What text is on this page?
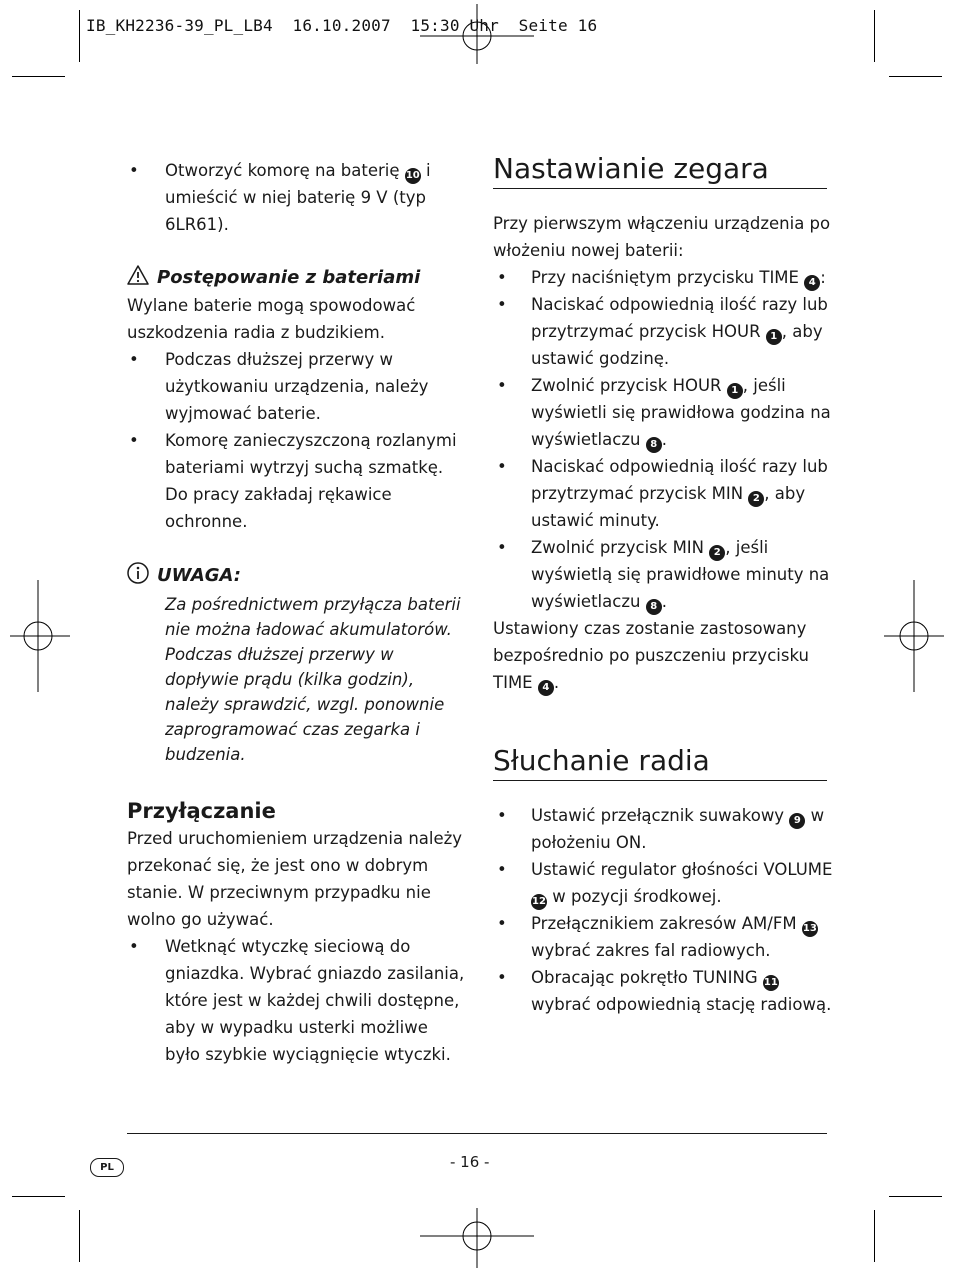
IB_KH2236-39_PL_LB4  16.10.2007  15:30 Uhr  Seite 16
• Otworzyć komorę na baterię 10 i umieścić w niej baterię 9 V (typ 6LR61).
Postępowanie z bateriami

Wylane baterie mogą spowodować uszkodzenia radia z budzikiem.

• Podczas dłuższej przerwy w użytkowaniu urządzenia, należy wyjmować baterie.
• Komorę zanieczyszczoną rozlanymi bateriami wytrzyj suchą szmatkę. Do pracy zakładaj rękawice ochronne.
UWAGA:

Za pośrednictwem przyłącza baterii nie można ładować akumulatorów. Podczas dłuższej przerwy w dopływie prądu (kilka godzin), należy sprawdzić, wzgl. ponownie zaprogramować czas zegarka i budzenia.

Przyłączanie

Przed uruchomieniem urządzenia należy przekonać się, że jest ono w dobrym stanie. W przeciwnym przypadku nie wolno go używać.

• Wetknąć wtyczkę sieciową do gniazdka. Wybrać gniazdo zasilania, które jest w każdej chwili dostępne, aby w wypadku usterki możliwe było szybkie wyciągnięcie wtyczki.
Nastawianie zegara

Przy pierwszym włączeniu urządzenia po włożeniu nowej baterii:

• Przy naciśniętym przycisku TIME 4 :
• Naciskać odpowiednią ilość razy lub przytrzymać przycisk HOUR 1 , aby ustawić godzinę.
• Zwolnić przycisk HOUR 1 , jeśli wyświetli się prawidłowa godzina na wyświetlaczu 8 .
• Naciskać odpowiednią ilość razy lub przytrzymać przycisk MIN 2 , aby ustawić minuty.
• Zwolnić przycisk MIN 2 , jeśli wyświetlą się prawidłowe minuty na wyświetlaczu 8 .

Ustawiony czas zostanie zastosowany bezpośrednio po puszczeniu przycisku TIME 4 .

Słuchanie radia
• Ustawić przełącznik suwakowy 9 w położeniu ON.
• Ustawić regulator głośności VOLUME 12 w pozycji środkowej.
• Przełącznikiem zakresów AM/FM 13 wybrać zakres fal radiowych.
• Obracając pokrętło TUNING 11 wybrać odpowiednią stację radiową.
PL	- 16 -
